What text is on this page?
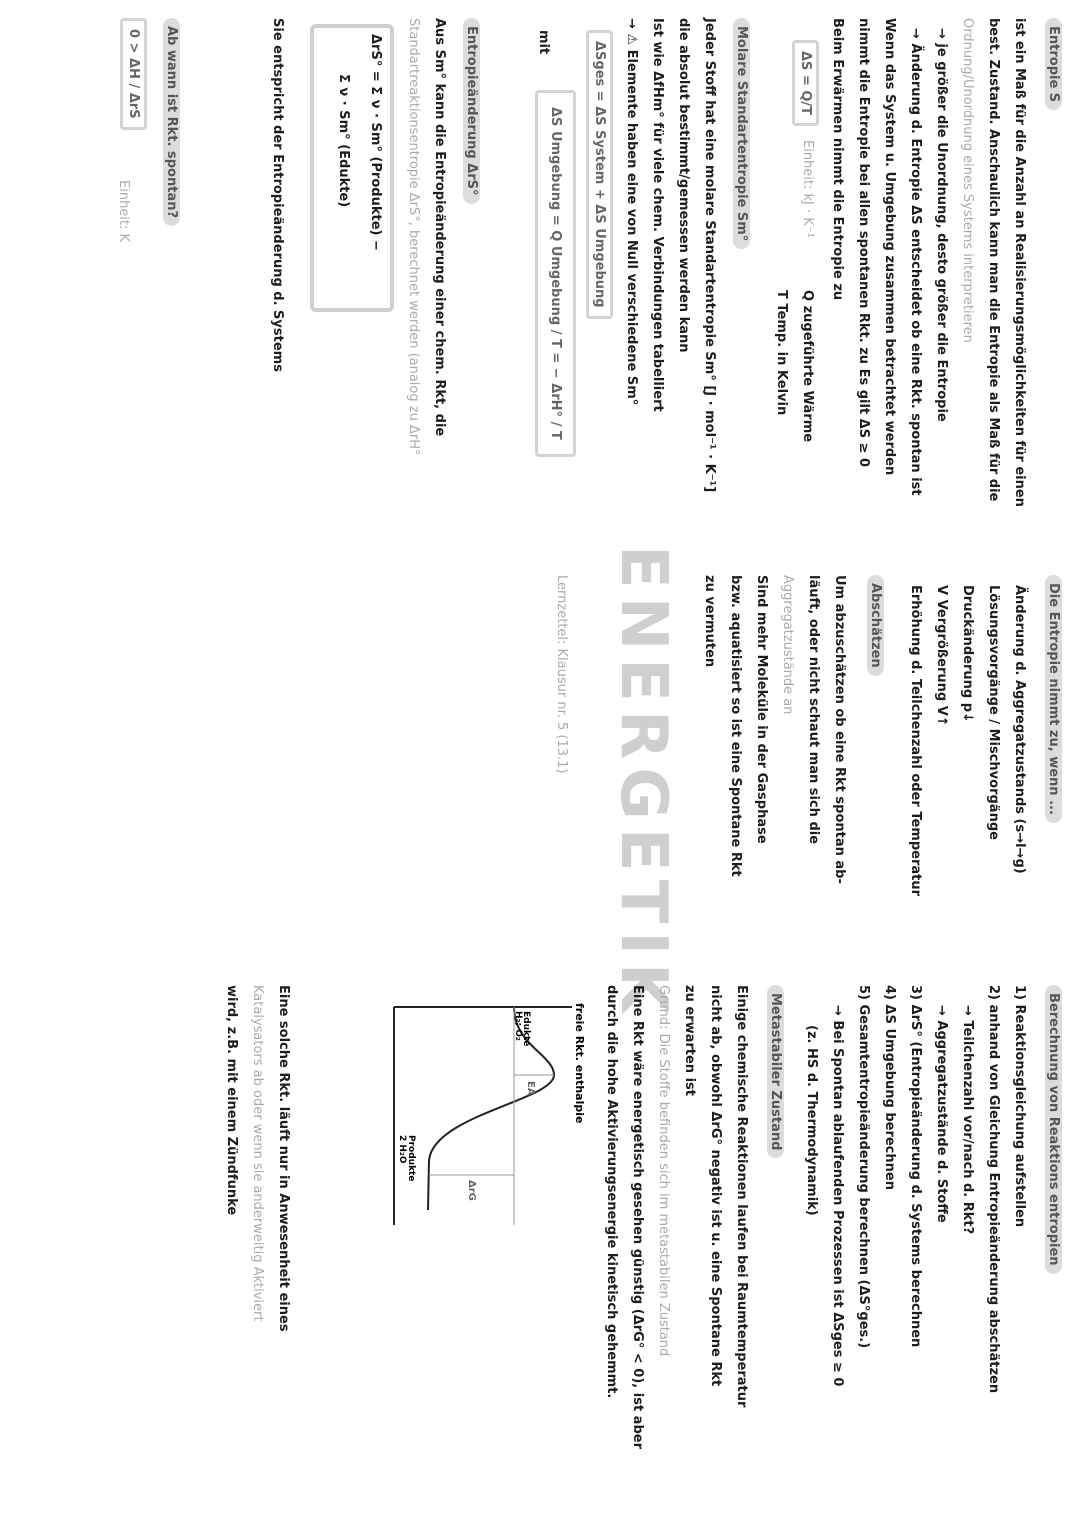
Entropie S
ist ein Maß für die Anzahl an Realisierungsmöglichkeiten für einen
best. Zustand. Anschaulich kann man die Entropie als Maß für die
Ordnung/Unordnung eines Systems interpretieren
→ je größer die Unordnung, desto größer die Entropie
→ Änderung d. Entropie ΔS entscheidet ob eine Rkt. spontan ist
Wenn das System u. Umgebung zusammen betrachtet werden
nimmt die Entropie bei allen spontanen Rkt. zu Es gilt ΔS ≥ 0
Beim Erwärmen nimmt die Entropie zu
ΔS = Q/T
Einheit: kJ · K⁻¹
Q zugeführte Wärme
T Temp. in Kelvin
Molare Standartentropie Sm°
Jeder Stoff hat eine molare Standartentropie Sm° [J · mol⁻¹ · K⁻¹]
die absolut bestimmt/gemessen werden kann
Ist wie ΔfHm° für viele chem. Verbindungen tabelliert
→ ⚠ Elemente haben eine von Null verschiedene Sm°
ΔSges = ΔS System + ΔS Umgebung
mit
ΔS Umgebung = Q Umgebung / T = − ΔrH° / T
Entropieänderung ΔrS°
Aus Sm° kann die Entropieänderung einer chem. Rkt, die
Standartreaktionsentropie ΔrS°, berechnet werden (analog zu ΔrH°
ΔrS° = Σ ν · Sm° (Produkte) −
Σ ν · Sm° (Edukte)
Sie entspricht der Entropieänderung d. Systems
Ab wann ist Rkt. spontan?
0 > ΔH / ΔrS
Einheit: K
Die Entropie nimmt zu, wenn ...
Änderung d. Aggregatzustands (s→l→g)
Lösungsvorgänge / Mischvorgänge
Druckänderung p↓
V Vergrößerung V↑
Erhöhung d. Teilchenzahl oder Temperatur
Abschätzen
Um abzuschätzen ob eine Rkt spontan ab-
läuft, oder nicht schaut man sich die
Aggregatzustände an
Sind mehr Moleküle in der Gasphase
bzw. aquatisiert so ist eine Spontane Rkt
zu vermuten
ENERGETIK
Lernzettel: Klausur nr. 5 (13.1)
Berechnung von Reaktions entropien
1) Reaktionsgleichung aufstellen
2) anhand von Gleichung Entropieänderung abschätzen
→ Teilchenzahl vor/nach d. Rkt?
→ Aggregatzustände d. Stoffe
3) ΔrS° (Entropieänderung d. Systems berechnen
4) ΔS Umgebung berechnen
5) Gesamtentropieänderung berechnen (ΔS°ges.)
→ Bei Spontan ablaufenden Prozessen ist ΔSges ≥ 0
(z. HS d. Thermodynamik)
Metastabiler Zustand
Einige chemische Reaktionen laufen bei Raumtemperatur
nicht ab, obwohl ΔrG° negativ ist u. eine Spontane Rkt
zu erwarten ist
Grund: Die Stoffe befinden sich im metastabilen Zustand
Eine Rkt wäre energetisch gesehen günstig (ΔrG° < 0), ist aber
durch die hohe Aktivierungsenergie kinetisch gehemmt.
freie Rkt. enthalpie
Edukte
H₂; O₂
EA
ΔrG
Produkte
2 H₂O
Eine solche Rkt. läuft nur in Anwesenheit eines
Katalysators ab oder wenn sie anderweitig Aktiviert
wird, z.B. mit einem Zündfunke
